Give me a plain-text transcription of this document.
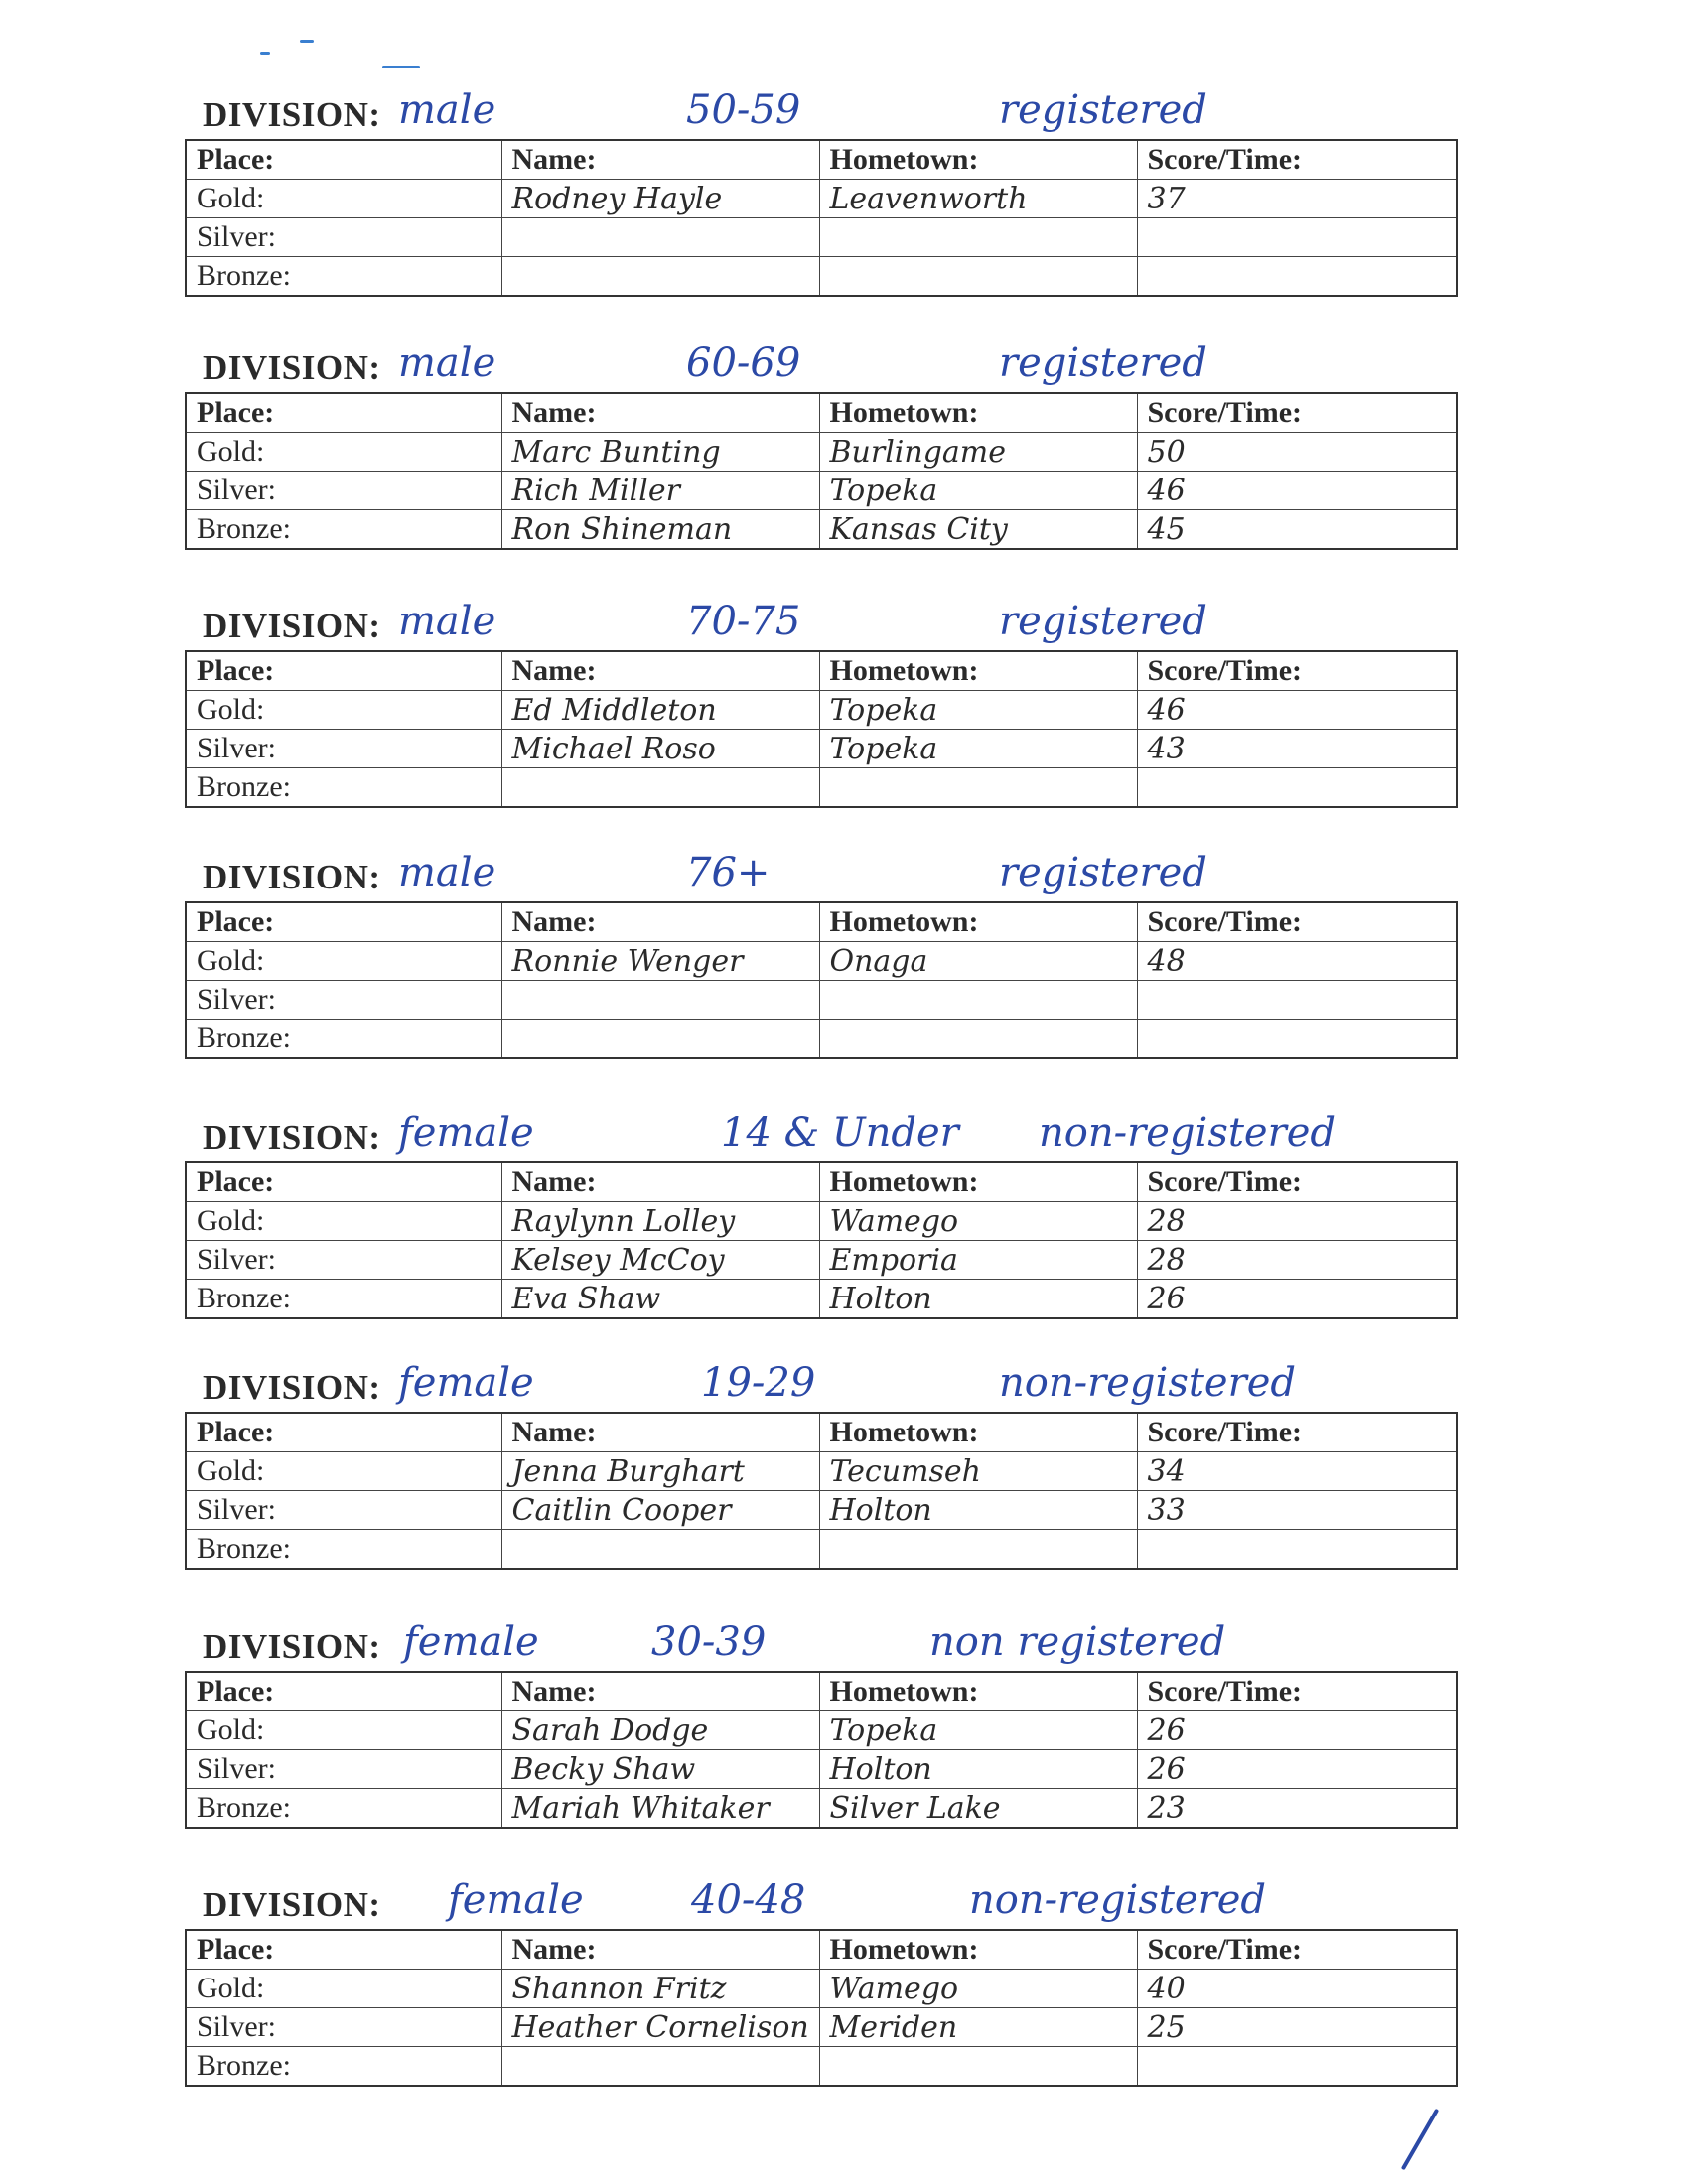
DIVISION: male	50-59	registered
Place:	Name:	Hometown:	Score/Time:
Gold:	Rodney Hayle	Leavenworth	37
Silver:			
Bronze:			
DIVISION: male	60-69	registered
Place:	Name:	Hometown:	Score/Time:
Gold:	Marc Bunting	Burlingame	50
Silver:	Rich Miller	Topeka	46
Bronze:	Ron Shineman	Kansas City	45
DIVISION: male	70-75	registered
Place:	Name:	Hometown:	Score/Time:
Gold:	Ed Middleton	Topeka	46
Silver:	Michael Roso	Topeka	43
Bronze:			
DIVISION: male	76+	registered
Place:	Name:	Hometown:	Score/Time:
Gold:	Ronnie Wenger	Onaga	48
Silver:			
Bronze:			
DIVISION: female	14 & Under non-registered
Place:	Name:	Hometown:	Score/Time:
Gold:	Raylynn Lolley	Wamego	28
Silver:	Kelsey McCoy	Emporia	28
Bronze:	Eva Shaw	Holton	26
DIVISION: female	19-29	non-registered
Place:	Name:	Hometown:	Score/Time:
Gold:	Jenna Burghart	Tecumseh	34
Silver:	Caitlin Cooper	Holton	33
Bronze:			
DIVISION: female	30-39	non registered
Place:	Name:	Hometown:	Score/Time:
Gold:	Sarah Dodge	Topeka	26
Silver:	Becky Shaw	Holton	26
Bronze:	Mariah Whitaker	Silver Lake	23
DIVISION: female	40-48	non-registered
Place:	Name:	Hometown:	Score/Time:
Gold:	Shannon Fritz	Wamego	40
Silver:	Heather Cornelison	Meriden	25
Bronze:			
